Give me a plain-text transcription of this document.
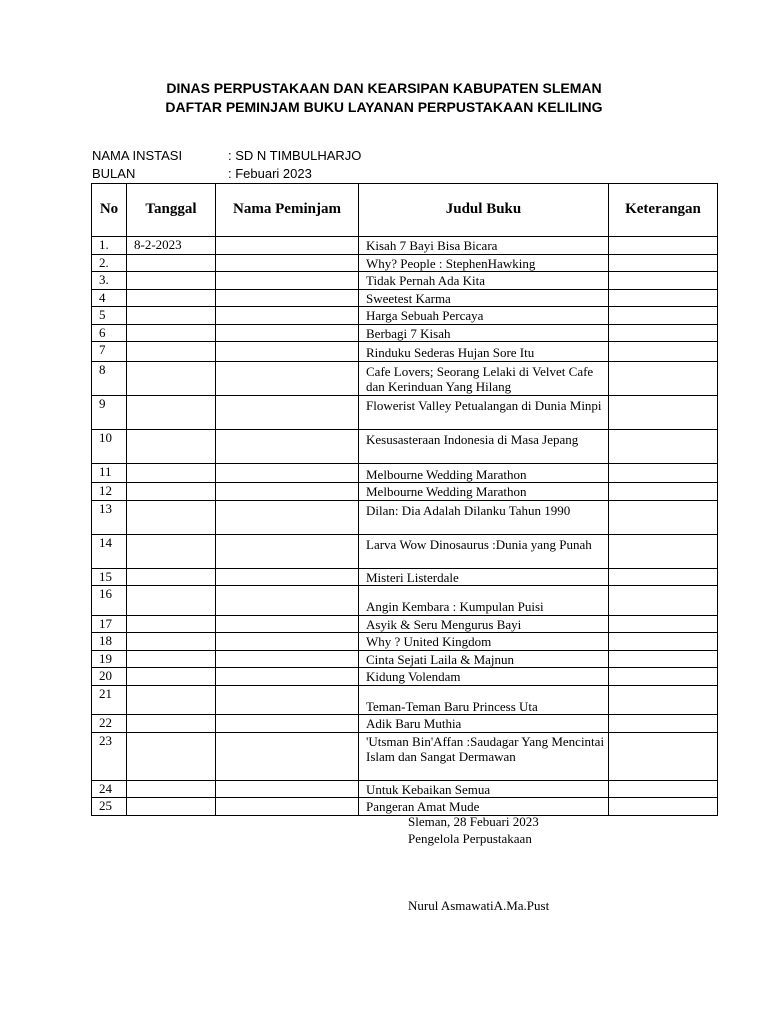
DINAS PERPUSTAKAAN DAN KEARSIPAN KABUPATEN SLEMAN
DAFTAR PEMINJAM BUKU LAYANAN PERPUSTAKAAN KELILING
NAMA INSTASI	: SD N TIMBULHARJO
BULAN	: Febuari 2023
No	Tanggal	Nama Peminjam	Judul Buku	Keterangan
1.	8-2-2023		Kisah 7 Bayi Bisa Bicara	
2.			Why? People : StephenHawking	
3.			Tidak Pernah Ada Kita	
4			Sweetest Karma	
5			Harga Sebuah Percaya	
6			Berbagi 7 Kisah	
7			Rinduku Sederas Hujan Sore Itu	
8			Cafe Lovers; Seorang Lelaki di Velvet Cafe dan Kerinduan Yang Hilang	
9			Flowerist Valley Petualangan di Dunia Minpi	
10			Kesusasteraan Indonesia di Masa Jepang	
11			Melbourne Wedding Marathon	
12			Melbourne Wedding Marathon	
13			Dilan: Dia Adalah Dilanku Tahun 1990	
14			Larva Wow Dinosaurus :Dunia yang Punah	
15			Misteri Listerdale	
16			Angin Kembara : Kumpulan Puisi	
17			Asyik & Seru Mengurus Bayi	
18			Why ? United Kingdom	
19			Cinta Sejati Laila & Majnun	
20			Kidung Volendam	
21			Teman-Teman Baru Princess Uta	
22			Adik Baru Muthia	
23			'Utsman Bin'Affan :Saudagar Yang Mencintai Islam dan Sangat Dermawan	
24			Untuk Kebaikan Semua	
25			Pangeran Amat Mude	
Sleman, 28 Febuari 2023
Pengelola Perpustakaan
Nurul AsmawatiA.Ma.Pust
